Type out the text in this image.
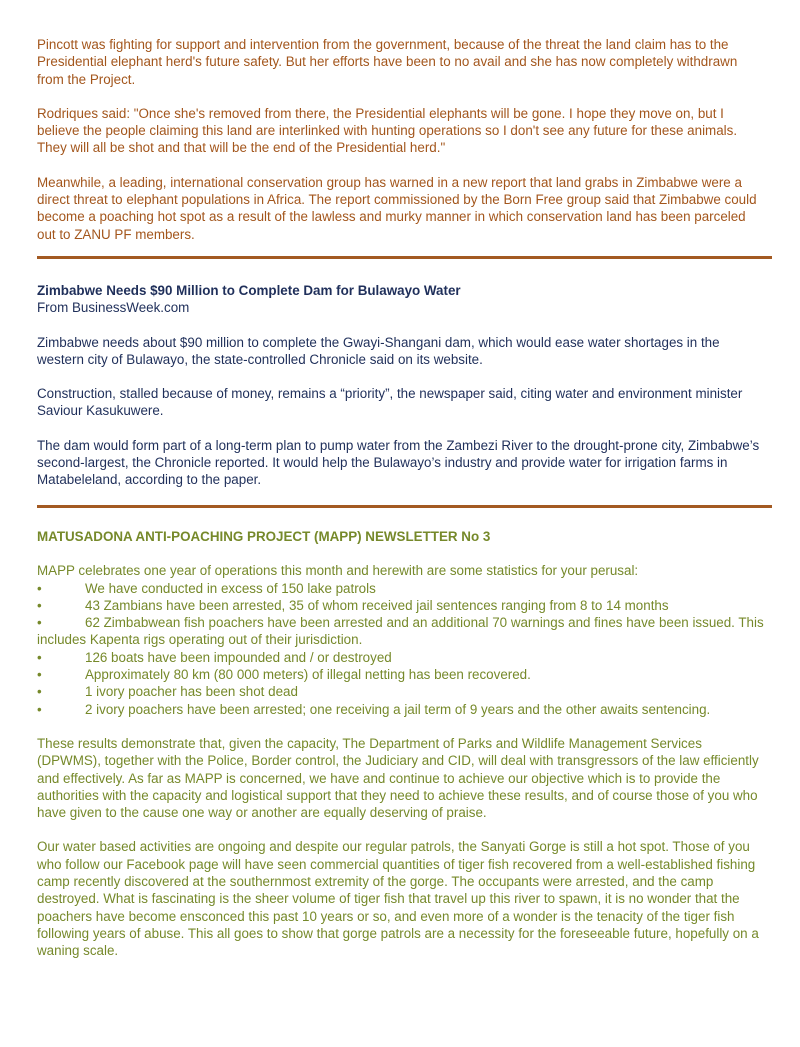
Pincott was fighting for support and intervention from the government, because of the threat the land claim has to the Presidential elephant herd's future safety. But her efforts have been to no avail and she has now completely withdrawn from the Project.

Rodriques said: "Once she's removed from there, the Presidential elephants will be gone. I hope they move on, but I believe the people claiming this land are interlinked with hunting operations so I don't see any future for these animals. They will all be shot and that will be the end of the Presidential herd."

Meanwhile, a leading, international conservation group has warned in a new report that land grabs in Zimbabwe were a direct threat to elephant populations in Africa. The report commissioned by the Born Free group said that Zimbabwe could become a poaching hot spot as a result of the lawless and murky manner in which conservation land has been parceled out to ZANU PF members.

Zimbabwe Needs $90 Million to Complete Dam for Bulawayo Water

From BusinessWeek.com

Zimbabwe needs about $90 million to complete the Gwayi-Shangani dam, which would ease water shortages in the western city of Bulawayo, the state-controlled Chronicle said on its website.

Construction, stalled because of money, remains a “priority”, the newspaper said, citing water and environment minister Saviour Kasukuwere.

The dam would form part of a long-term plan to pump water from the Zambezi River to the drought-prone city, Zimbabwe’s second-largest, the Chronicle reported. It would help the Bulawayo’s industry and provide water for irrigation farms in Matabeleland, according to the paper.

MATUSADONA ANTI-POACHING PROJECT (MAPP) NEWSLETTER No 3

MAPP celebrates one year of operations this month and herewith are some statistics for your perusal:

•	We have conducted in excess of 150 lake patrols
•	43 Zambians have been arrested, 35 of whom received jail sentences ranging from 8 to 14 months
•	62 Zimbabwean fish poachers have been arrested and an additional 70 warnings and fines have been issued. This
includes Kapenta rigs operating out of their jurisdiction.
•	126 boats have been impounded and / or destroyed
•	Approximately 80 km (80 000 meters) of illegal netting has been recovered.
•	1 ivory poacher has been shot dead
•	2 ivory poachers have been arrested; one receiving a jail term of 9 years and the other awaits sentencing.

These results demonstrate that, given the capacity, The Department of Parks and Wildlife Management Services (DPWMS), together with the Police, Border control, the Judiciary and CID, will deal with transgressors of the law efficiently and effectively. As far as MAPP is concerned, we have and continue to achieve our objective which is to provide the authorities with the capacity and logistical support that they need to achieve these results, and of course those of you who have given to the cause one way or another are equally deserving of praise.

Our water based activities are ongoing and despite our regular patrols, the Sanyati Gorge is still a hot spot. Those of you who follow our Facebook page will have seen commercial quantities of tiger fish recovered from a well-established fishing camp recently discovered at the southernmost extremity of the gorge. The occupants were arrested, and the camp destroyed. What is fascinating is the sheer volume of tiger fish that travel up this river to spawn, it is no wonder that the poachers have become ensconced this past 10 years or so, and even more of a wonder is the tenacity of the tiger fish following years of abuse. This all goes to show that gorge patrols are a necessity for the foreseeable future, hopefully on a waning scale.
